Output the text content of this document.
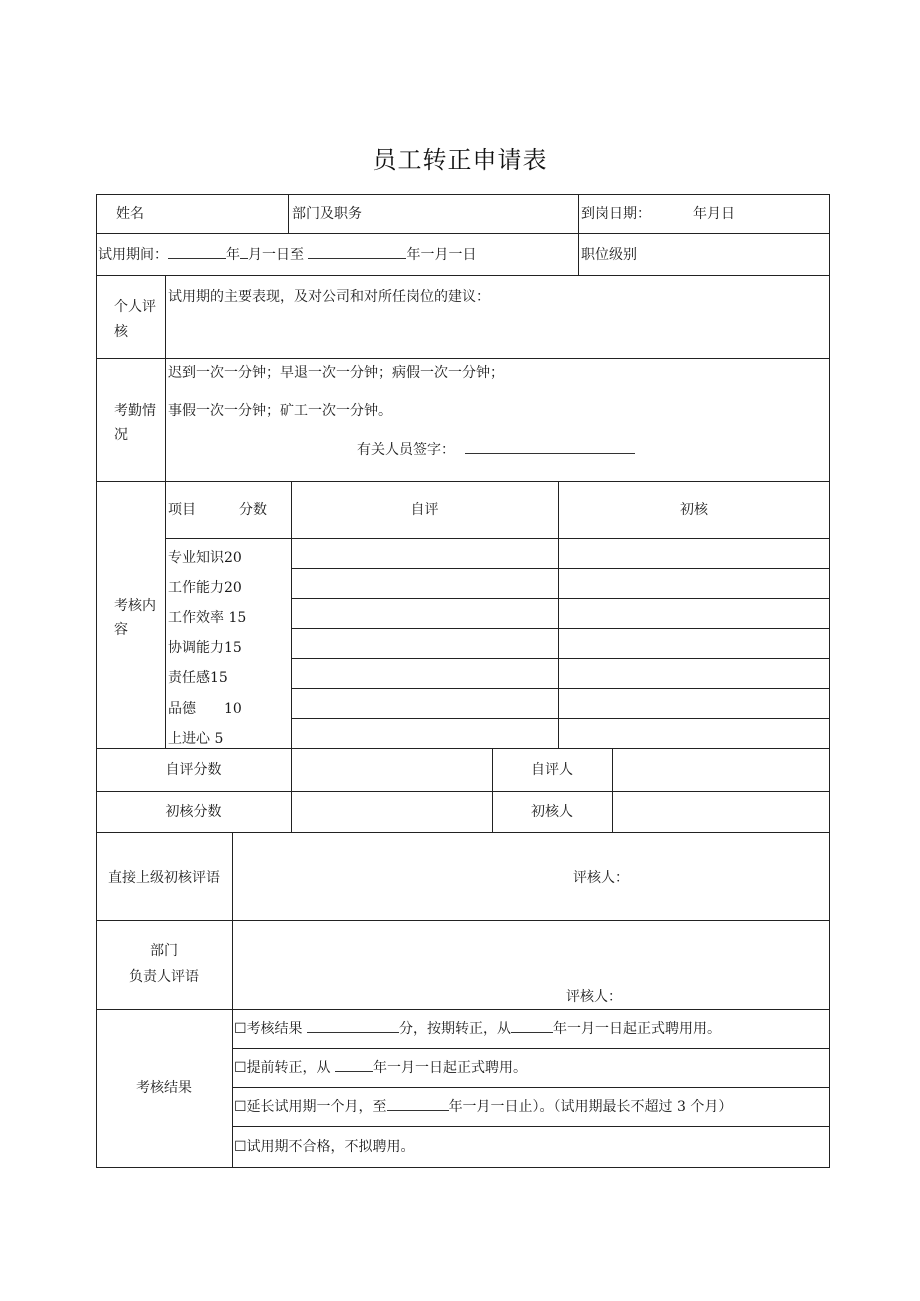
员工转正申请表
姓名	部门及职务	到岗日期：	年月日
试用期间：	年 月一日至	年一月一日	职位级别
个人评
核
试用期的主要表现，及对公司和对所任岗位的建议：
考勤情
况
迟到一次一分钟；早退一次一分钟；病假一次一分钟；
事假一次一分钟；矿工一次一分钟。
有关人员签字：
考核内
容
项目	分数	自评	初核
专业知识20
工作能力20
工作效率 15
协调能力15
责任感15
品德　　10
上进心 5
自评分数	自评人
初核分数	初核人
直接上级初核评语	评核人：
部门
负责人评语
评核人：
考核结果
☐考核结果	分，按期转正，从	年一月一日起正式聘用用。
☐提前转正，从	年一月一日起正式聘用。
☐延长试用期一个月，至	年一月一日止）。（试用期最长不超过 3 个月）
☐试用期不合格，不拟聘用。
